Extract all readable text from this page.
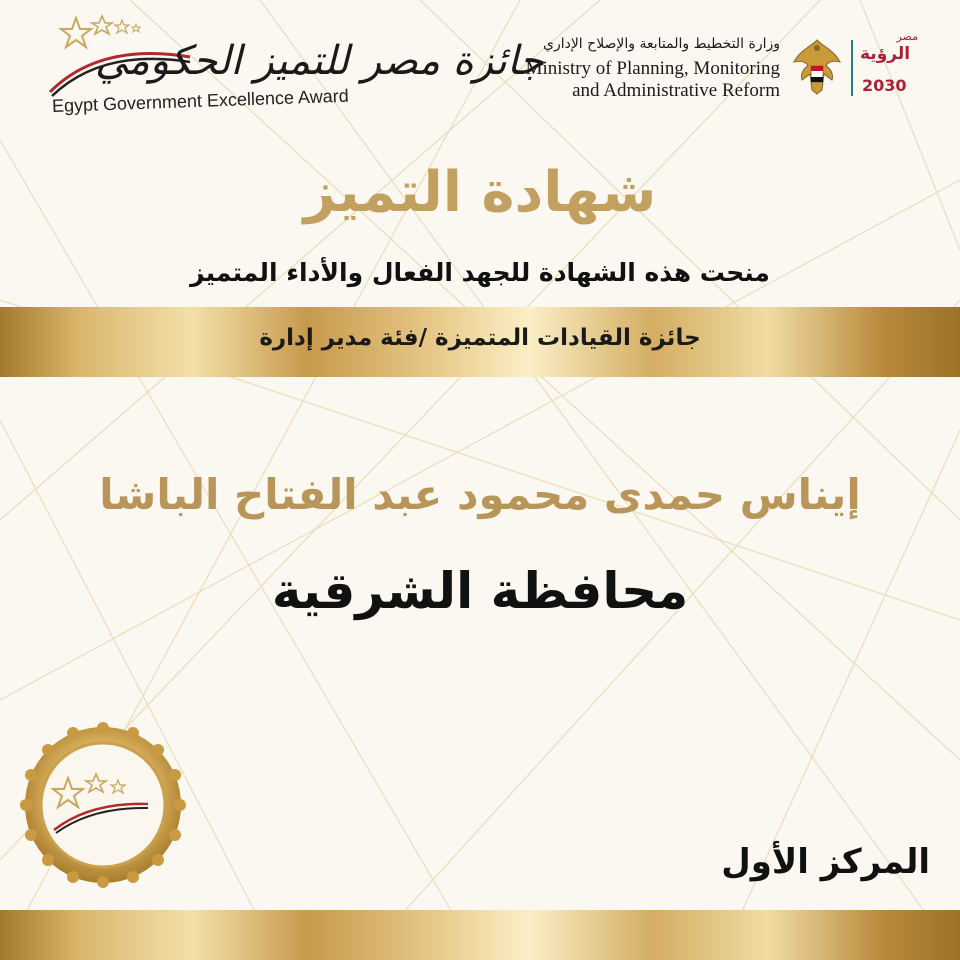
جائزة مصر للتميز الحكومي
Egypt Government Excellence Award
وزارة التخطيط والمتابعة والإصلاح الإداري
Ministry of Planning, Monitoring
and Administrative Reform
مصر
الرؤية
2030
شهادة التميز
منحت هذه الشهادة للجهد الفعال والأداء المتميز
جائزة القيادات المتميزة /فئة مدير إدارة
إيناس حمدى محمود عبد الفتاح الباشا
محافظة الشرقية
المركز الأول
